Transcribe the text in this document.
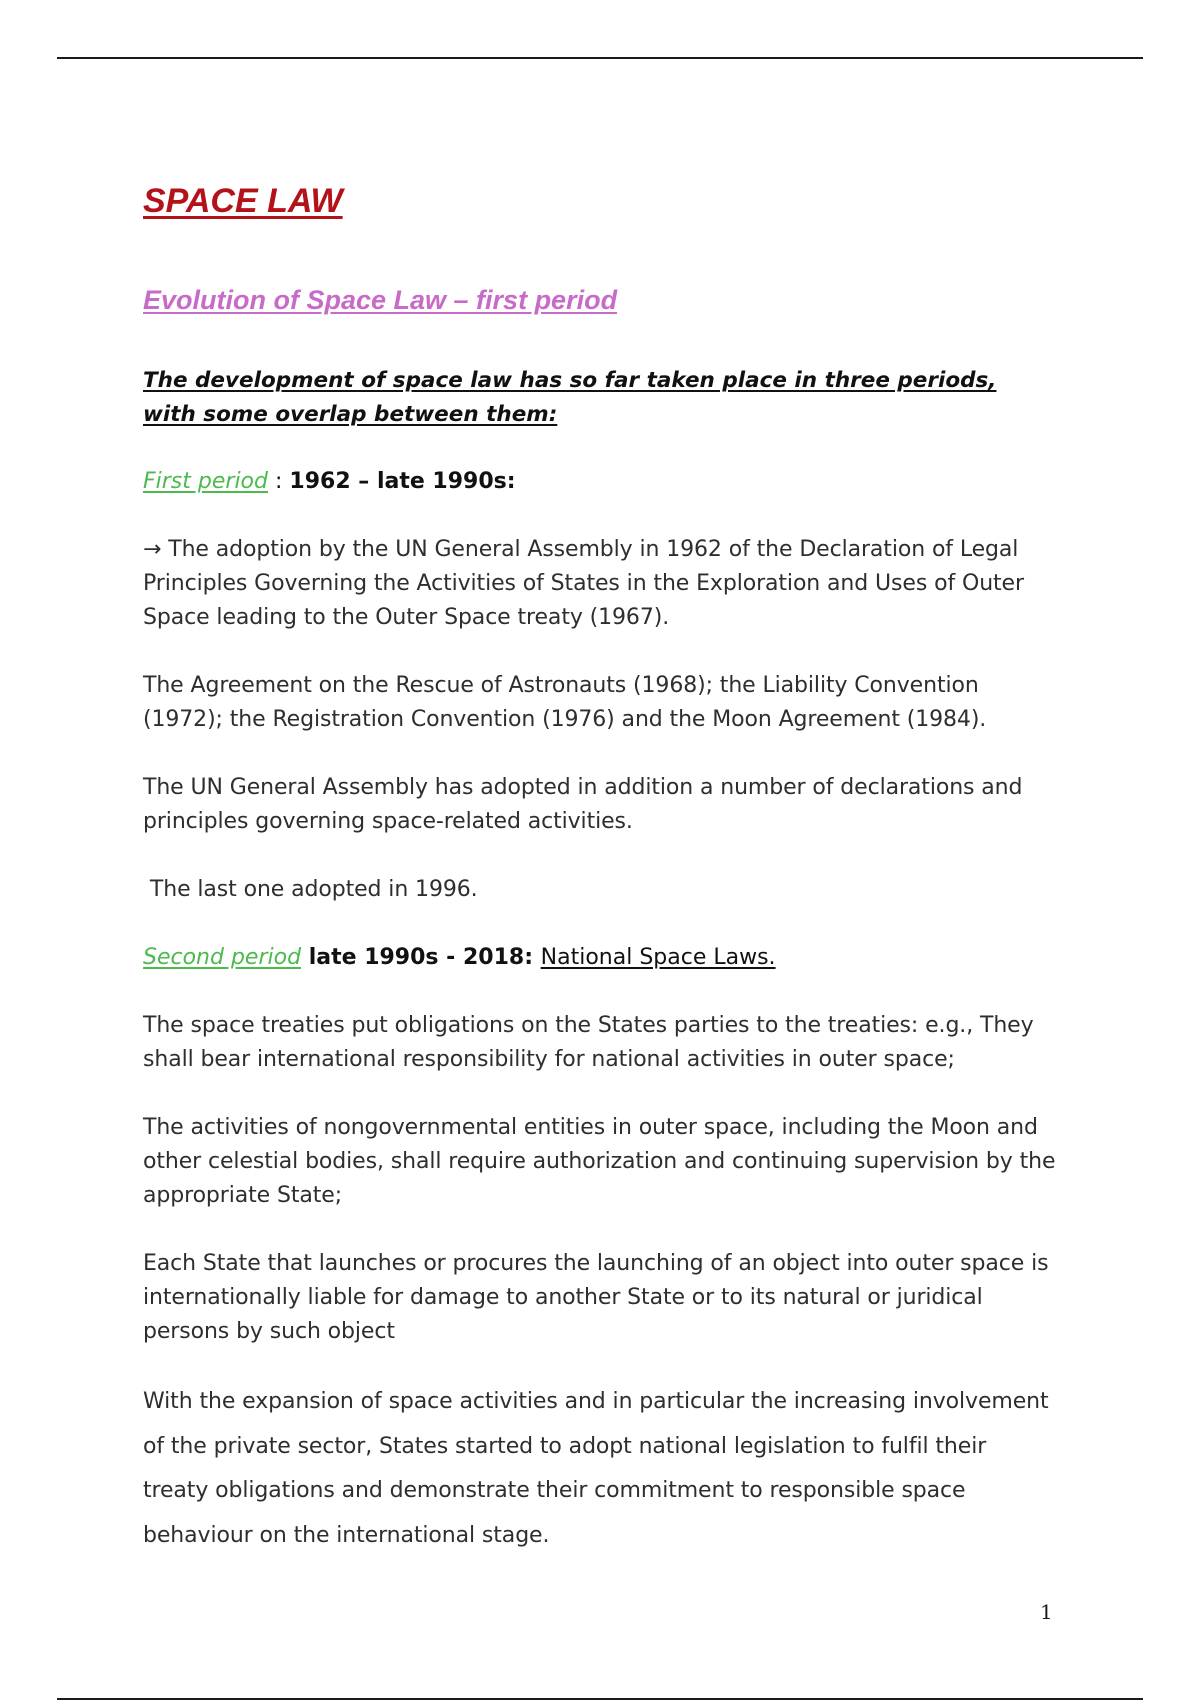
SPACE LAW
Evolution of Space Law – first period

The development of space law has so far taken place in three periods, with some overlap between them:

First period : 1962 – late 1990s:

→ The adoption by the UN General Assembly in 1962 of the Declaration of Legal Principles Governing the Activities of States in the Exploration and Uses of Outer Space leading to the Outer Space treaty (1967).

The Agreement on the Rescue of Astronauts (1968); the Liability Convention (1972); the Registration Convention (1976) and the Moon Agreement (1984).

The UN General Assembly has adopted in addition a number of declarations and principles governing space-related activities.

The last one adopted in 1996.

Second period late 1990s - 2018: National Space Laws.

The space treaties put obligations on the States parties to the treaties: e.g., They shall bear international responsibility for national activities in outer space;

The activities of nongovernmental entities in outer space, including the Moon and other celestial bodies, shall require authorization and continuing supervision by the appropriate State;

Each State that launches or procures the launching of an object into outer space is internationally liable for damage to another State or to its natural or juridical persons by such object

With the expansion of space activities and in particular the increasing involvement of the private sector, States started to adopt national legislation to fulfil their treaty obligations and demonstrate their commitment to responsible space behaviour on the international stage.

1
